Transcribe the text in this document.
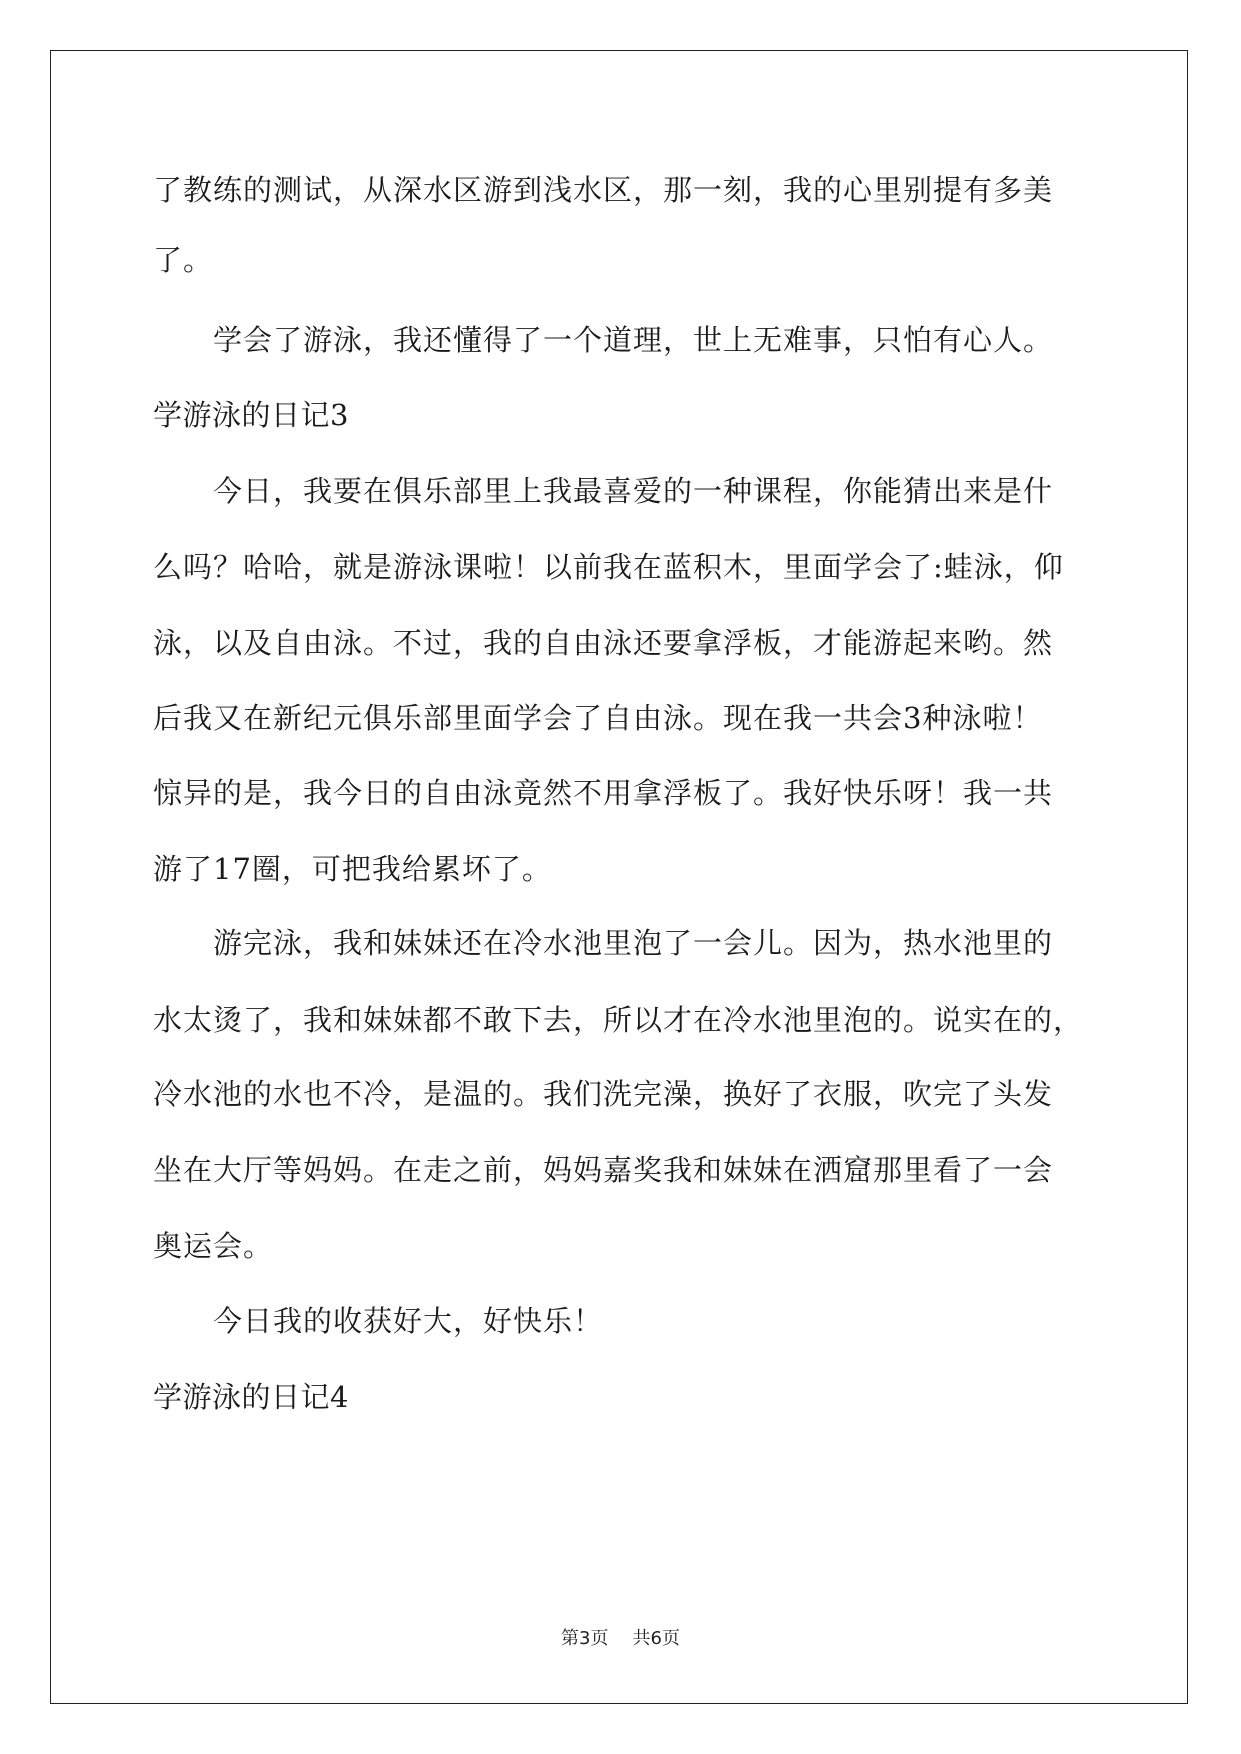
了教练的测试，从深水区游到浅水区，那一刻，我的心里别提有多美
了。
学会了游泳，我还懂得了一个道理，世上无难事，只怕有心人。
学游泳的日记3
今日，我要在俱乐部里上我最喜爱的一种课程，你能猜出来是什
么吗？哈哈，就是游泳课啦！以前我在蓝积木，里面学会了:蛙泳，仰
泳，以及自由泳。不过，我的自由泳还要拿浮板，才能游起来哟。然
后我又在新纪元俱乐部里面学会了自由泳。现在我一共会3种泳啦！
惊异的是，我今日的自由泳竟然不用拿浮板了。我好快乐呀！我一共
游了17圈，可把我给累坏了。
游完泳，我和妹妹还在冷水池里泡了一会儿。因为，热水池里的
水太烫了，我和妹妹都不敢下去，所以才在冷水池里泡的。说实在的，
冷水池的水也不冷，是温的。我们洗完澡，换好了衣服，吹完了头发
坐在大厅等妈妈。在走之前，妈妈嘉奖我和妹妹在洒窟那里看了一会
奥运会。
今日我的收获好大，好快乐！
学游泳的日记4
第3页 共6页
